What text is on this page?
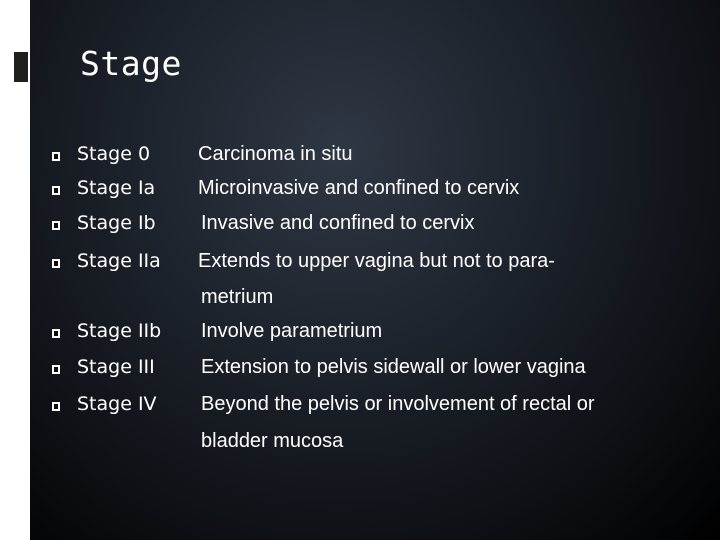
Stage
Stage 0 Carcinoma in situ
Stage Ia Microinvasive and confined to cervix
Stage Ib Invasive and confined to cervix
Stage IIa Extends to upper vagina but not to para-
metrium
Stage IIb Involve parametrium
Stage III Extension to pelvis sidewall or lower vagina
Stage IV Beyond the pelvis or involvement of rectal or
bladder mucosa
